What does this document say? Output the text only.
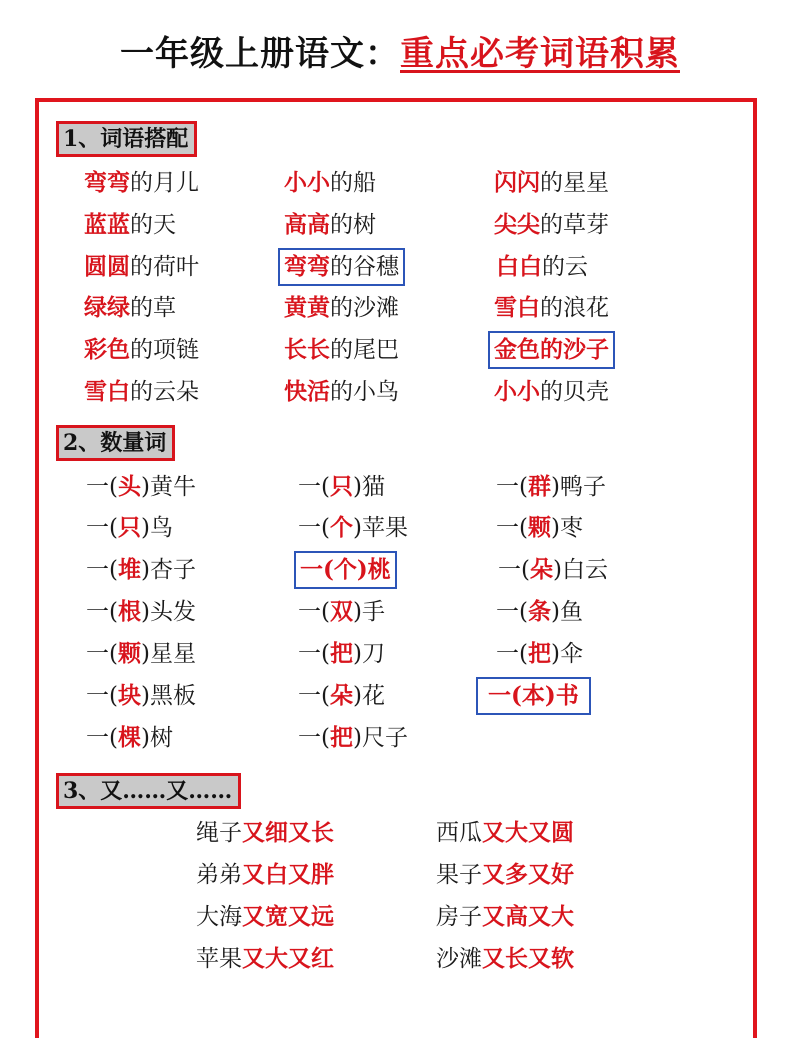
一年级上册语文：重点必考词语积累
1、词语搭配
弯弯的月儿	小小的船	闪闪的星星
蓝蓝的天	高高的树	尖尖的草芽
圆圆的荷叶	弯弯的谷穗	白白的云
绿绿的草	黄黄的沙滩	雪白的浪花
彩色的项链	长长的尾巴	金色的沙子
雪白的云朵	快活的小鸟	小小的贝壳
2、数量词
一(头)黄牛	一(只)猫	一(群)鸭子
一(只)鸟	一(个)苹果	一(颗)枣
一(堆)杏子	一(个)桃	一(朵)白云
一(根)头发	一(双)手	一(条)鱼
一(颗)星星	一(把)刀	一(把)伞
一(块)黑板	一(朵)花	一(本)书
一(棵)树	一(把)尺子
3、又……又……
绳子又细又长	西瓜又大又圆
弟弟又白又胖	果子又多又好
大海又宽又远	房子又高又大
苹果又大又红	沙滩又长又软
